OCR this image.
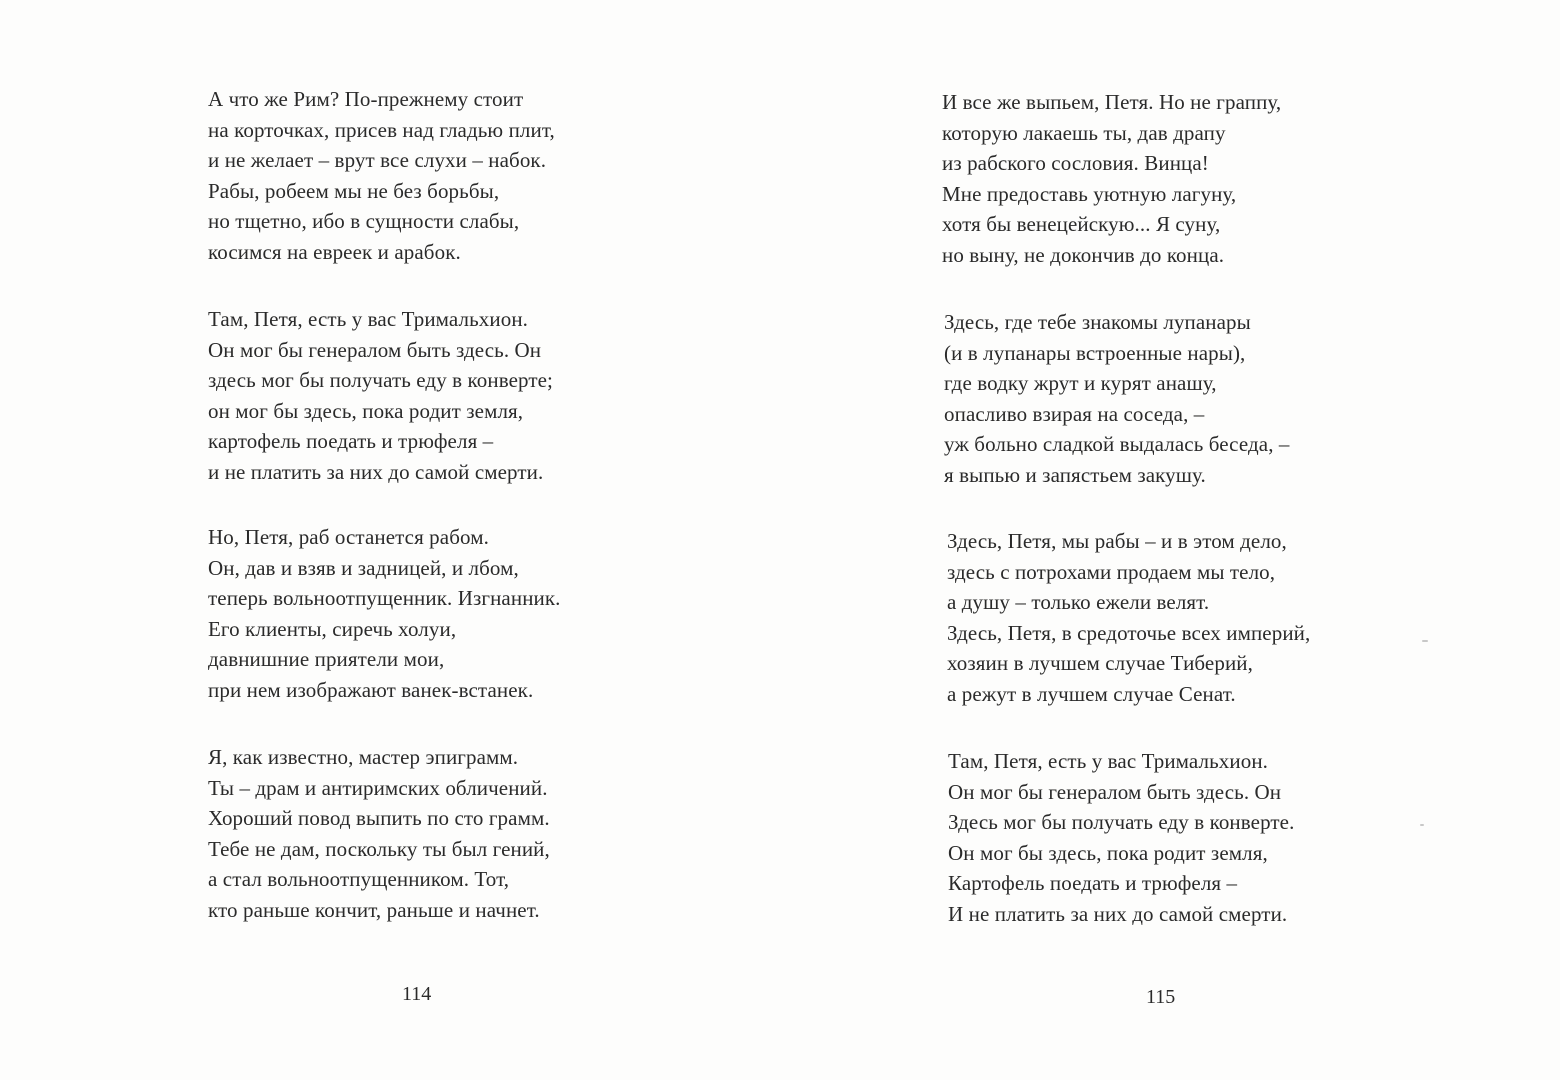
А что же Рим? По-прежнему стоит
на корточках, присев над гладью плит,
и не желает – врут все слухи – набок.
Рабы, робеем мы не без борьбы,
но тщетно, ибо в сущности слабы,
косимся на евреек и арабок.
Там, Петя, есть у вас Тримальхион.
Он мог бы генералом быть здесь. Он
здесь мог бы получать еду в конверте;
он мог бы здесь, пока родит земля,
картофель поедать и трюфеля –
и не платить за них до самой смерти.
Но, Петя, раб останется рабом.
Он, дав и взяв и задницей, и лбом,
теперь вольноотпущенник. Изгнанник.
Его клиенты, сиречь холуи,
давнишние приятели мои,
при нем изображают ванек-встанек.
Я, как известно, мастер эпиграмм.
Ты – драм и антиримских обличений.
Хороший повод выпить по сто грамм.
Тебе не дам, поскольку ты был гений,
а стал вольноотпущенником. Тот,
кто раньше кончит, раньше и начнет.
114
И все же выпьем, Петя. Но не граппу,
которую лакаешь ты, дав драпу
из рабского сословия. Винца!
Мне предоставь уютную лагуну,
хотя бы венецейскую... Я суну,
но выну, не докончив до конца.
Здесь, где тебе знакомы лупанары
(и в лупанары встроенные нары),
где водку жрут и курят анашу,
опасливо взирая на соседа, –
уж больно сладкой выдалась беседа, –
я выпью и запястьем закушу.
Здесь, Петя, мы рабы – и в этом дело,
здесь с потрохами продаем мы тело,
а душу – только ежели велят.
Здесь, Петя, в средоточье всех империй,
хозяин в лучшем случае Тиберий,
а режут в лучшем случае Сенат.
Там, Петя, есть у вас Тримальхион.
Он мог бы генералом быть здесь. Он
Здесь мог бы получать еду в конверте.
Он мог бы здесь, пока родит земля,
Картофель поедать и трюфеля –
И не платить за них до самой смерти.
115
